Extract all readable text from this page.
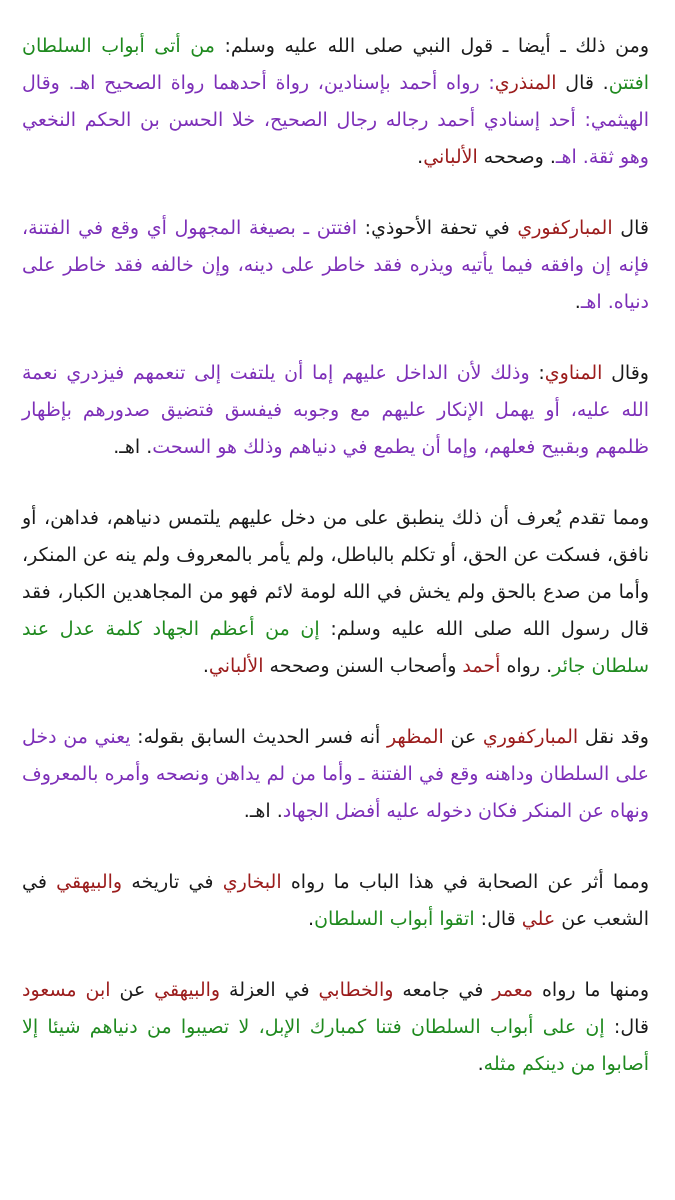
ومن ذلك ـ أيضا ـ قول النبي صلى الله عليه وسلم: من أتى أبواب السلطان افتتن. قال المنذري: رواه أحمد بإسنادين، رواة أحدهما رواة الصحيح اهـ. وقال الهيثمي: أحد إسنادي أحمد رجاله رجال الصحيح، خلا الحسن بن الحكم النخعي وهو ثقة. اهـ. وصححه الألباني.

قال المباركفوري في تحفة الأحوذي: افتتن ـ بصيغة المجهول أي وقع في الفتنة، فإنه إن وافقه فيما يأتيه ويذره فقد خاطر على دينه، وإن خالفه فقد خاطر على دنياه. اهـ.

وقال المناوي: وذلك لأن الداخل عليهم إما أن يلتفت إلى تنعمهم فيزدري نعمة الله عليه، أو يهمل الإنكار عليهم مع وجوبه فيفسق فتضيق صدورهم بإظهار ظلمهم وبقبيح فعلهم، وإما أن يطمع في دنياهم وذلك هو السحت. اهـ.

ومما تقدم يُعرف أن ذلك ينطبق على من دخل عليهم يلتمس دنياهم، فداهن، أو نافق، فسكت عن الحق، أو تكلم بالباطل، ولم يأمر بالمعروف ولم ينه عن المنكر، وأما من صدع بالحق ولم يخش في الله لومة لائم فهو من المجاهدين الكبار، فقد قال رسول الله صلى الله عليه وسلم: إن من أعظم الجهاد كلمة عدل عند سلطان جائر. رواه أحمد وأصحاب السنن وصححه الألباني.

وقد نقل المباركفوري عن المظهر أنه فسر الحديث السابق بقوله: يعني من دخل على السلطان وداهنه وقع في الفتنة ـ وأما من لم يداهن ونصحه وأمره بالمعروف ونهاه عن المنكر فكان دخوله عليه أفضل الجهاد. اهـ.

ومما أثر عن الصحابة في هذا الباب ما رواه البخاري في تاريخه والبيهقي في الشعب عن علي قال: اتقوا أبواب السلطان.

ومنها ما رواه معمر في جامعه والخطابي في العزلة والبيهقي عن ابن مسعود قال: إن على أبواب السلطان فتنا كمبارك الإبل، لا تصيبوا من دنياهم شيئا إلا أصابوا من دينكم مثله.
